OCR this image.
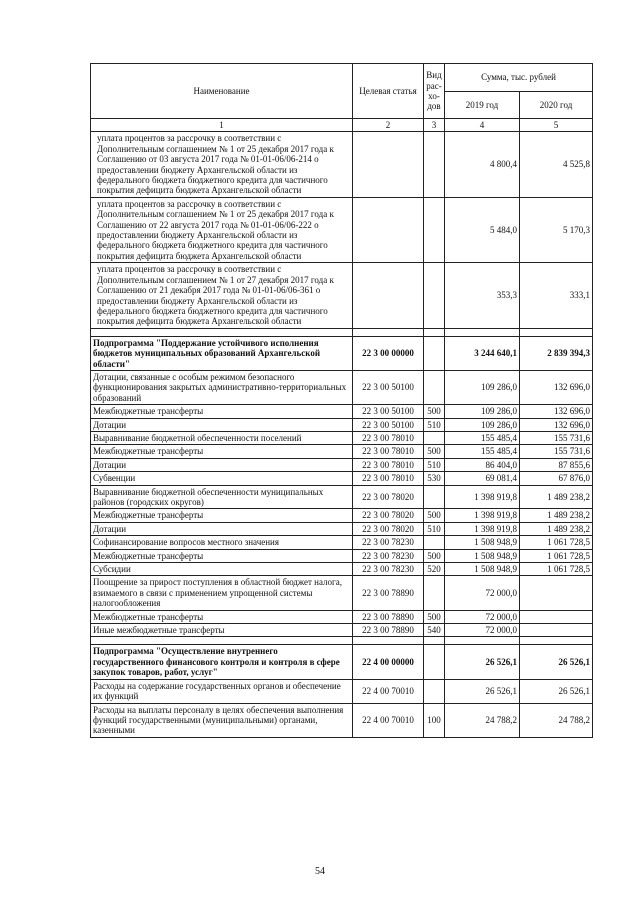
Наименование	Целевая статья	Вид рас-хо-дов	Сумма, тыс. рублей	
			2019 год	2020 год
1	2	3	4	5
уплата процентов за рассрочку в соответствии с Дополнительным соглашением № 1 от 25 декабря 2017 года к Соглашению от 03 августа 2017 года № 01-01-06/06-214 о предоставлении бюджету Архангельской области из федерального бюджета бюджетного кредита для частичного покрытия дефицита бюджета Архангельской области			4 800,4	4 525,8
уплата процентов за рассрочку в соответствии с Дополнительным соглашением № 1 от 25 декабря 2017 года к Соглашению от 22 августа 2017 года № 01-01-06/06-222 о предоставлении бюджету Архангельской области из федерального бюджета бюджетного кредита для частичного покрытия дефицита бюджета Архангельской области			5 484,0	5 170,3
уплата процентов за рассрочку в соответствии с Дополнительным соглашением № 1 от 27 декабря 2017 года к Соглашению от 21 декабря 2017 года № 01-01-06/06-361 о предоставлении бюджету Архангельской области из федерального бюджета бюджетного кредита для частичного покрытия дефицита бюджета Архангельской области			353,3	333,1

Подпрограмма "Поддержание устойчивого исполнения бюджетов муниципальных образований Архангельской области"	22 3 00 00000		3 244 640,1	2 839 394,3
Дотации, связанные с особым режимом безопасного функционирования закрытых административно-территориальных образований	22 3 00 50100		109 286,0	132 696,0
Межбюджетные трансферты	22 3 00 50100	500	109 286,0	132 696,0
Дотации	22 3 00 50100	510	109 286,0	132 696,0
Выравнивание бюджетной обеспеченности поселений	22 3 00 78010		155 485,4	155 731,6
Межбюджетные трансферты	22 3 00 78010	500	155 485,4	155 731,6
Дотации	22 3 00 78010	510	86 404,0	87 855,6
Субвенции	22 3 00 78010	530	69 081,4	67 876,0
Выравнивание бюджетной обеспеченности муниципальных районов (городских округов)	22 3 00 78020		1 398 919,8	1 489 238,2
Межбюджетные трансферты	22 3 00 78020	500	1 398 919,8	1 489 238,2
Дотации	22 3 00 78020	510	1 398 919,8	1 489 238,2
Софинансирование вопросов местного значения	22 3 00 78230		1 508 948,9	1 061 728,5
Межбюджетные трансферты	22 3 00 78230	500	1 508 948,9	1 061 728,5
Субсидии	22 3 00 78230	520	1 508 948,9	1 061 728,5
Поощрение за прирост поступления в областной бюджет налога, взимаемого в связи с применением упрощенной системы налогообложения	22 3 00 78890		72 000,0	
Межбюджетные трансферты	22 3 00 78890	500	72 000,0	
Иные межбюджетные трансферты	22 3 00 78890	540	72 000,0	

Подпрограмма "Осуществление внутреннего государственного финансового контроля и контроля в сфере закупок товаров, работ, услуг"	22 4 00 00000		26 526,1	26 526,1
Расходы на содержание государственных органов и обеспечение их функций	22 4 00 70010		26 526,1	26 526,1
Расходы на выплаты персоналу в целях обеспечения выполнения функций государственными (муниципальными) органами, казенными	22 4 00 70010	100	24 788,2	24 788,2
54
